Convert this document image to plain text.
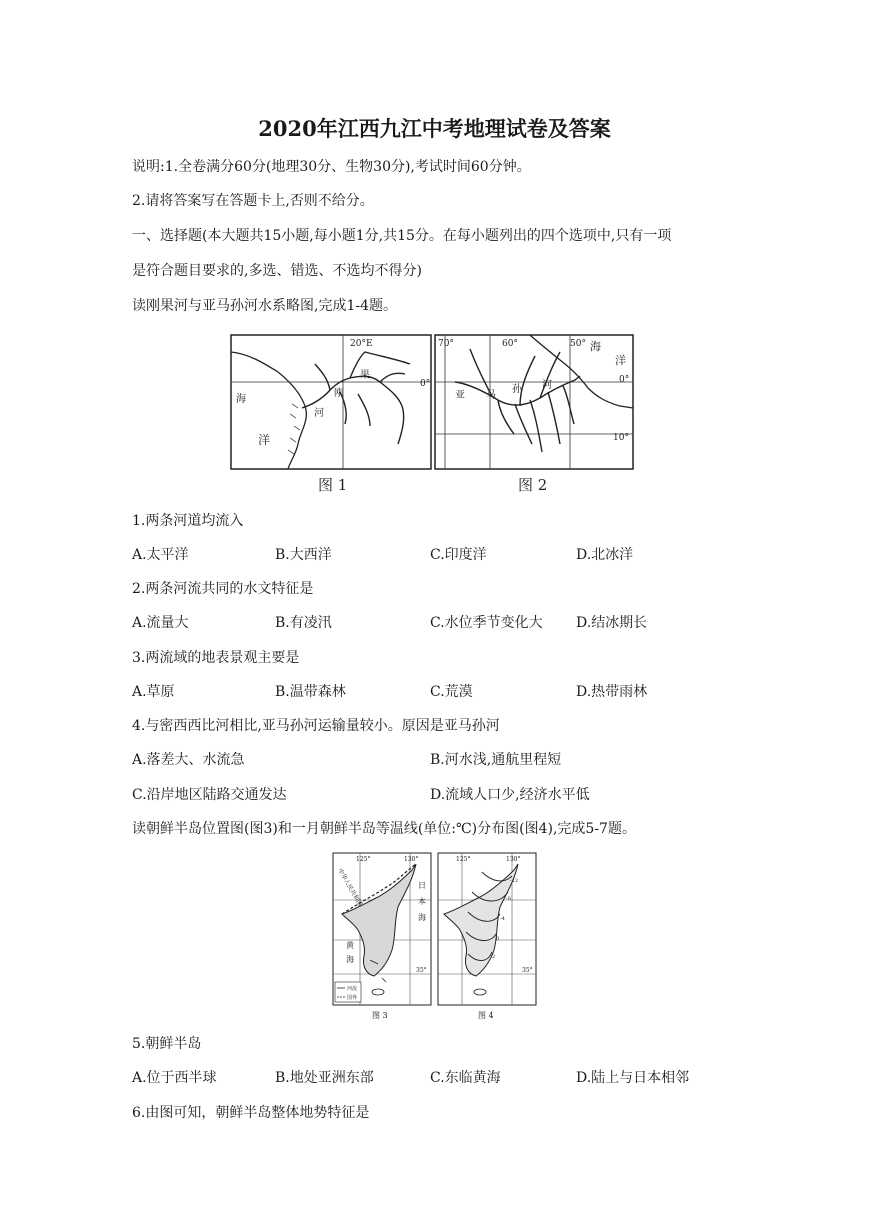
2020年江西九江中考地理试卷及答案
说明:1.全卷满分60分(地理30分、生物30分),考试时间60分钟。
2.请将答案写在答题卡上,否则不给分。
一、选择题(本大题共15小题,每小题1分,共15分。在每小题列出的四个选项中,只有一项
是符合题目要求的,多选、错选、不选均不得分)
读刚果河与亚马孙河水系略图,完成1-4题。
海
20°E
0°
洋
刚
果
河
70°	60°	50° 海
洋
0°
10°
亚 马
孙 河
图 1	图 2
1.两条河道均流入
A.太平洋	B.大西洋	C.印度洋	D.北冰洋
2.两条河流共同的水文特征是
A.流量大	B.有凌汛	C.水位季节变化大 D.结冰期长
3.两流域的地表景观主要是
A.草原	B.温带森林	C.荒漠	D.热带雨林
4.与密西西比河相比,亚马孙河运输量较小。原因是亚马孙河
A.落差大、水流急	B.河水浅,通航里程短
C.沿岸地区陆路交通发达	D.流域人口少,经济水平低
读朝鲜半岛位置图(图3)和一月朝鲜半岛等温线(单位:℃)分布图(图4),完成5-7题。
125°	130°
中华人民共和国
黄
海
日
本
海
35°
河流
国界
125°	130°
35°
-12
-8
-4
0
2
图 3	图 4
5.朝鲜半岛
A.位于西半球	B.地处亚洲东部	C.东临黄海	D.陆上与日本相邻
6.由图可知，朝鲜半岛整体地势特征是
